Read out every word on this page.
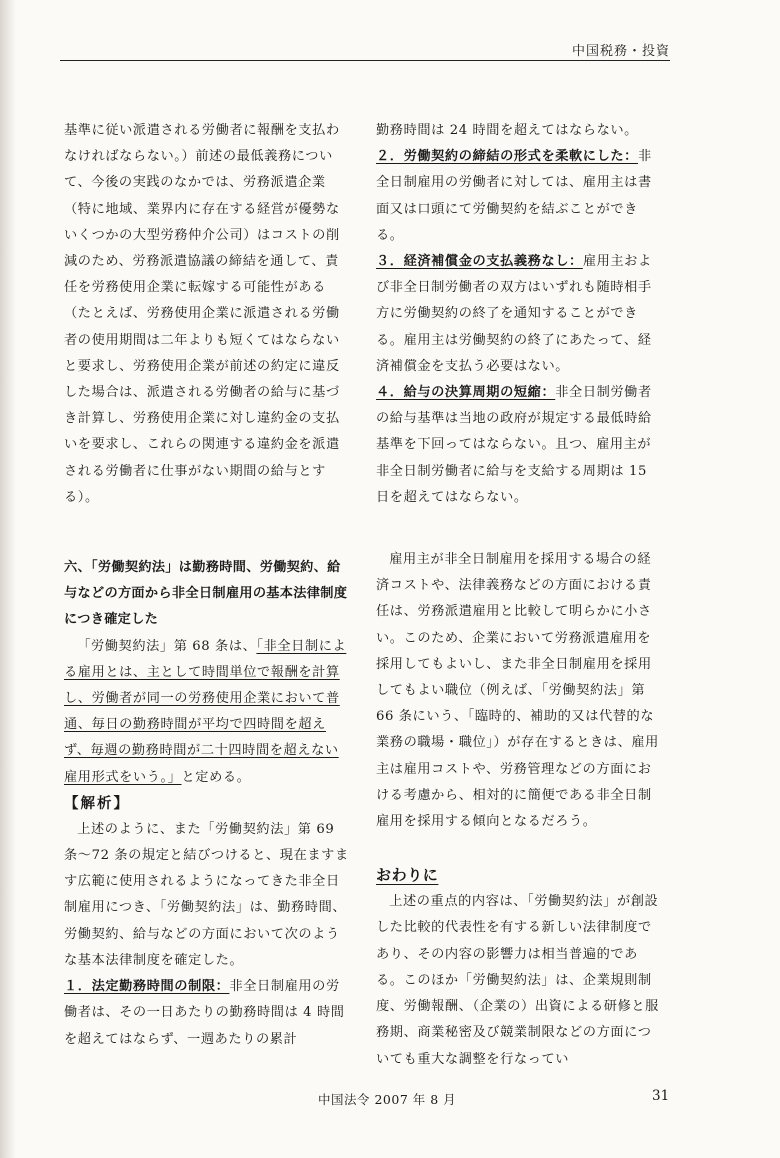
中国税務・投資

基準に従い派遣される労働者に報酬を支払わなければならない。）前述の最低義務について、今後の実践のなかでは、労務派遣企業（特に地域、業界内に存在する経営が優勢ないくつかの大型労務仲介公司）はコストの削減のため、労務派遣協議の締結を通して、責任を労務使用企業に転嫁する可能性がある（たとえば、労務使用企業に派遣される労働者の使用期間は二年よりも短くてはならないと要求し、労務使用企業が前述の約定に違反した場合は、派遣される労働者の給与に基づき計算し、労務使用企業に対し違約金の支払いを要求し、これらの関連する違約金を派遣される労働者に仕事がない期間の給与とする）。

六、「労働契約法」は勤務時間、労働契約、給与などの方面から非全日制雇用の基本法律制度につき確定した

「労働契約法」第 68 条は、「非全日制による雇用とは、主として時間単位で報酬を計算し、労働者が同一の労務使用企業において普通、毎日の勤務時間が平均で四時間を超えず、毎週の勤務時間が二十四時間を超えない雇用形式をいう。」と定める。

【解析】

上述のように、また「労働契約法」第 69 条～72 条の規定と結びつけると、現在ますます広範に使用されるようになってきた非全日制雇用につき、「労働契約法」は、勤務時間、労働契約、給与などの方面において次のような基本法律制度を確定した。

１．法定勤務時間の制限：非全日制雇用の労働者は、その一日あたりの勤務時間は 4 時間を超えてはならず、一週あたりの累計

勤務時間は 24 時間を超えてはならない。

２．労働契約の締結の形式を柔軟にした：非全日制雇用の労働者に対しては、雇用主は書面又は口頭にて労働契約を結ぶことができる。

３．経済補償金の支払義務なし：雇用主および非全日制労働者の双方はいずれも随時相手方に労働契約の終了を通知することができる。雇用主は労働契約の終了にあたって、経済補償金を支払う必要はない。

４．給与の決算周期の短縮：非全日制労働者の給与基準は当地の政府が規定する最低時給基準を下回ってはならない。且つ、雇用主が非全日制労働者に給与を支給する周期は 15 日を超えてはならない。

雇用主が非全日制雇用を採用する場合の経済コストや、法律義務などの方面における責任は、労務派遣雇用と比較して明らかに小さい。このため、企業において労務派遣雇用を採用してもよいし、また非全日制雇用を採用してもよい職位（例えば、「労働契約法」第 66 条にいう、「臨時的、補助的又は代替的な業務の職場・職位」）が存在するときは、雇用主は雇用コストや、労務管理などの方面における考慮から、相対的に簡便である非全日制雇用を採用する傾向となるだろう。

おわりに

上述の重点的内容は、「労働契約法」が創設した比較的代表性を有する新しい法律制度であり、その内容の影響力は相当普遍的である。このほか「労働契約法」は、企業規則制度、労働報酬、（企業の）出資による研修と服務期、商業秘密及び競業制限などの方面についても重大な調整を行なってい

中国法令 2007 年 8 月	31
